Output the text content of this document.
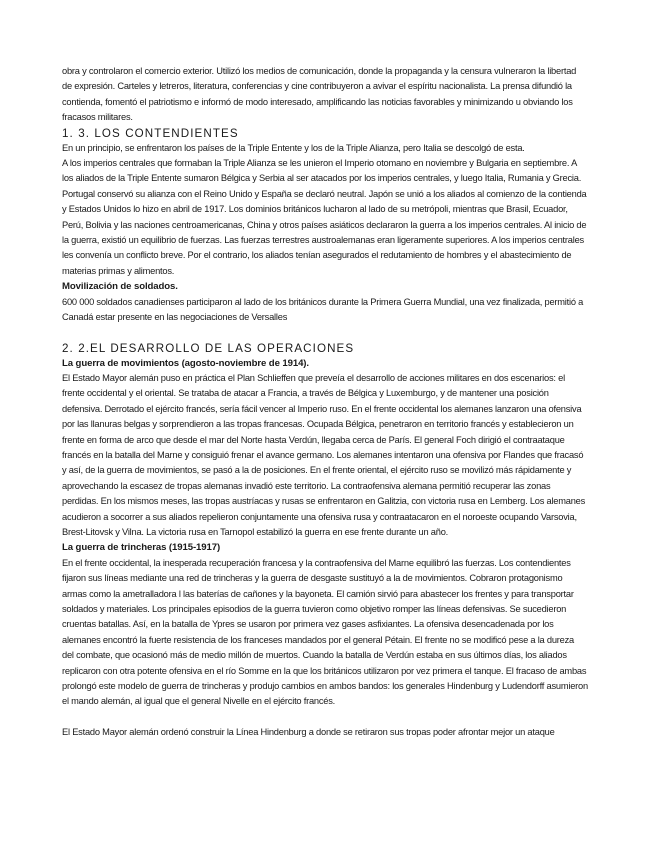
obra y controlaron el comercio exterior. Utilizó los medios de comunicación, donde la propaganda y la censura vulneraron la libertad de expresión. Carteles y letreros, literatura, conferencias y cine contribuyeron a avivar el espíritu nacionalista. La prensa difundió la contienda, fomentó el patriotismo e informó de modo interesado, amplificando las noticias favorables y minimizando u obviando los fracasos militares.

1. 3. LOS CONTENDIENTES

En un principio, se enfrentaron los países de la Triple Entente y los de la Triple Alianza, pero Italia se descolgó de esta.

A los imperios centrales que formaban la Triple Alianza se les unieron el Imperio otomano en noviembre y Bulgaria en septiembre. A los aliados de la Triple Entente sumaron Bélgica y Serbia al ser atacados por los imperios centrales, y luego Italia, Rumania y Grecia. Portugal conservó su alianza con el Reino Unido y España se declaró neutral. Japón se unió a los aliados al comienzo de la contienda y Estados Unidos lo hizo en abril de 1917. Los dominios británicos lucharon al lado de su metrópoli, mientras que Brasil, Ecuador, Perú, Bolivia y las naciones centroamericanas, China y otros países asiáticos declararon la guerra a los imperios centrales. Al inicio de la guerra, existió un equilibrio de fuerzas. Las fuerzas terrestres austroalemanas eran ligeramente superiores. A los imperios centrales les convenía un conflicto breve. Por el contrario, los aliados tenían asegurados el redutamiento de hombres y el abastecimiento de materias primas y alimentos.

Movilización de soldados.

600 000 soldados canadienses participaron al lado de los británicos durante la Primera Guerra Mundial, una vez finalizada, permitió a Canadá estar presente en las negociaciones de Versalles

2. 2.EL DESARROLLO DE LAS OPERACIONES

La guerra de movimientos (agosto-noviembre de 1914).

El Estado Mayor alemán puso en práctica el Plan Schlieffen que preveía el desarrollo de acciones militares en dos escenarios: el frente occidental y el oriental. Se trataba de atacar a Francia, a través de Bélgica y Luxemburgo, y de mantener una posición defensiva. Derrotado el ejército francés, sería fácil vencer al Imperio ruso. En el frente occidental los alemanes lanzaron una ofensiva por las llanuras belgas y sorprendieron a las tropas francesas. Ocupada Bélgica, penetraron en territorio francés y establecieron un frente en forma de arco que desde el mar del Norte hasta Verdún, llegaba cerca de París. El general Foch dirigió el contraataque francés en la batalla del Marne y consiguió frenar el avance germano. Los alemanes intentaron una ofensiva por Flandes que fracasó y así, de la guerra de movimientos, se pasó a la de posiciones. En el frente oriental, el ejército ruso se movilizó más rápidamente y aprovechando la escasez de tropas alemanas invadió este territorio. La contraofensiva alemana permitió recuperar las zonas perdidas. En los mismos meses, las tropas austríacas y rusas se enfrentaron en Galitzia, con victoria rusa en Lemberg. Los alemanes acudieron a socorrer a sus aliados repelieron conjuntamente una ofensiva rusa y contraatacaron en el noroeste ocupando Varsovia, Brest-Litovsk y Vilna. La victoria rusa en Tarnopol estabilizó la guerra en ese frente durante un año.

La guerra de trincheras (1915-1917)

En el frente occidental, la inesperada recuperación francesa y la contraofensiva del Marne equilibró las fuerzas. Los contendientes fijaron sus líneas mediante una red de trincheras y la guerra de desgaste sustituyó a la de movimientos. Cobraron protagonismo armas como la ametralladora l las baterías de cañones y la bayoneta. El camión sirvió para abastecer los frentes y para transportar soldados y materiales. Los principales episodios de la guerra tuvieron como objetivo romper las líneas defensivas. Se sucedieron cruentas batallas. Así, en la batalla de Ypres se usaron por primera vez gases asfixiantes. La ofensiva desencadenada por los alemanes encontró la fuerte resistencia de los franceses mandados por el general Pétain. El frente no se modificó pese a la dureza del combate, que ocasionó más de medio millón de muertos. Cuando la batalla de Verdún estaba en sus últimos días, los aliados replicaron con otra potente ofensiva en el río Somme en la que los británicos utilizaron por vez primera el tanque. El fracaso de ambas prolongó este modelo de guerra de trincheras y produjo cambios en ambos bandos: los generales Hindenburg y Ludendorff asumieron el mando alemán, al igual que el general Nivelle en el ejército francés.

El Estado Mayor alemán ordenó construir la Línea Hindenburg a donde se retiraron sus tropas poder afrontar mejor un ataque
